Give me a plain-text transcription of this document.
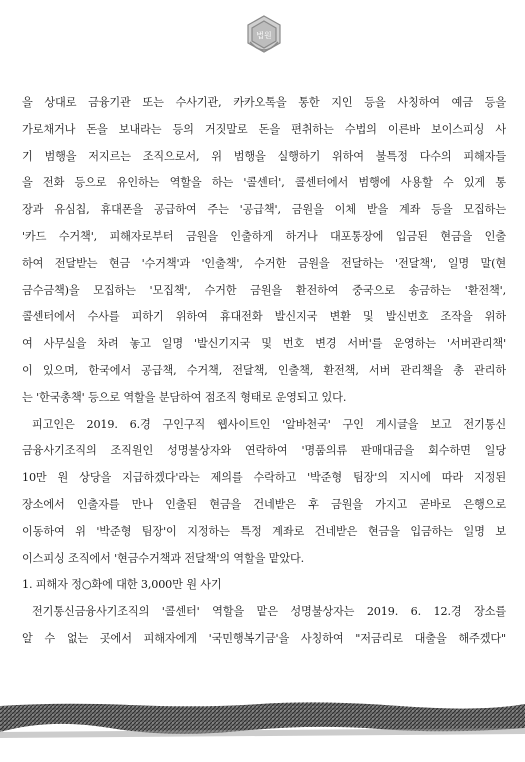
법원
을 상대로 금융기관 또는 수사기관, 카카오톡을 통한 지인 등을 사칭하여 예금 등을
가로채거나 돈을 보내라는 등의 거짓말로 돈을 편취하는 수법의 이른바 보이스피싱 사
기 범행을 저지르는 조직으로서, 위 범행을 실행하기 위하여 불특정 다수의 피해자들
을 전화 등으로 유인하는 역할을 하는 '콜센터', 콜센터에서 범행에 사용할 수 있게 통
장과 유심칩, 휴대폰을 공급하여 주는 '공급책', 금원을 이체 받을 계좌 등을 모집하는
'카드 수거책', 피해자로부터 금원을 인출하게 하거나 대포통장에 입금된 현금을 인출
하여 전달받는 현금 '수거책'과 '인출책', 수거한 금원을 전달하는 '전달책', 일명 말(현
금수금책)을 모집하는 '모집책', 수거한 금원을 환전하여 중국으로 송금하는 '환전책',
콜센터에서 수사를 피하기 위하여 휴대전화 발신지국 변환 및 발신번호 조작을 위하
여 사무실을 차려 놓고 일명 '발신기지국 및 번호 변경 서버'를 운영하는 '서버관리책'
이 있으며, 한국에서 공급책, 수거책, 전달책, 인출책, 환전책, 서버 관리책을 총 관리하
는 '한국총책' 등으로 역할을 분담하여 점조직 형태로 운영되고 있다.
피고인은 2019. 6.경 구인구직 웹사이트인 '알바천국' 구인 게시글을 보고 전기통신
금융사기조직의 조직원인 성명불상자와 연락하여 '명품의류 판매대금을 회수하면 일당
10만 원 상당을 지급하겠다'라는 제의를 수락하고 '박준형 팀장'의 지시에 따라 지정된
장소에서 인출자를 만나 인출된 현금을 건네받은 후 금원을 가지고 곧바로 은행으로
이동하여 위 '박준형 팀장'이 지정하는 특정 계좌로 건네받은 현금을 입금하는 일명 보
이스피싱 조직에서 '현금수거책과 전달책'의 역할을 맡았다.
1. 피해자 정○화에 대한 3,000만 원 사기
전기통신금융사기조직의 '콜센터' 역할을 맡은 성명불상자는 2019. 6. 12.경 장소를
알 수 없는 곳에서 피해자에게 '국민행복기금'을 사칭하여 "저금리로 대출을 해주겠다"
